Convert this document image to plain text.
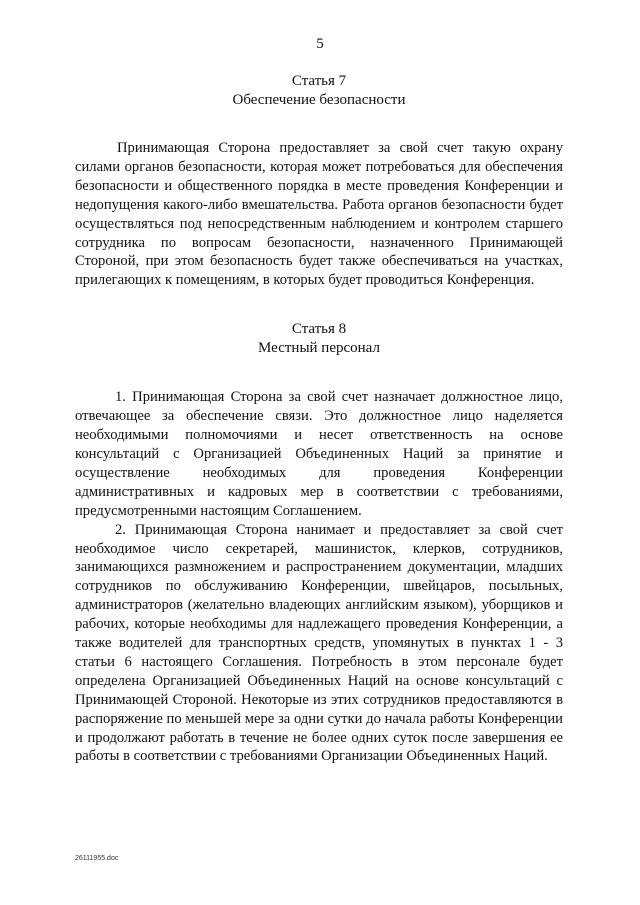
5

Статья 7

Обеспечение безопасности

Принимающая Сторона предоставляет за свой счет такую охрану силами органов безопасности, которая может потребоваться для обеспечения безопасности и общественного порядка в месте проведения Конференции и недопущения какого-либо вмешательства. Работа органов безопасности будет осуществляться под непосредственным наблюдением и контролем старшего сотрудника по вопросам безопасности, назначенного Принимающей Стороной, при этом безопасность будет также обеспечиваться на участках, прилегающих к помещениям, в которых будет проводиться Конференция.

Статья 8

Местный персонал

1. Принимающая Сторона за свой счет назначает должностное лицо, отвечающее за обеспечение связи. Это должностное лицо наделяется необходимыми полномочиями и несет ответственность на основе консультаций с Организацией Объединенных Наций за принятие и осуществление необходимых для проведения Конференции административных и кадровых мер в соответствии с требованиями, предусмотренными настоящим Соглашением.

2. Принимающая Сторона нанимает и предоставляет за свой счет необходимое число секретарей, машинисток, клерков, сотрудников, занимающихся размножением и распространением документации, младших сотрудников по обслуживанию Конференции, швейцаров, посыльных, администраторов (желательно владеющих английским языком), уборщиков и рабочих, которые необходимы для надлежащего проведения Конференции, а также водителей для транспортных средств, упомянутых в пунктах 1 - 3 статьи 6 настоящего Соглашения. Потребность в этом персонале будет определена Организацией Объединенных Наций на основе консультаций с Принимающей Стороной. Некоторые из этих сотрудников предоставляются в распоряжение по меньшей мере за одни сутки до начала работы Конференции и продолжают работать в течение не более одних суток после завершения ее работы в соответствии с требованиями Организации Объединенных Наций.

26111955.doc
